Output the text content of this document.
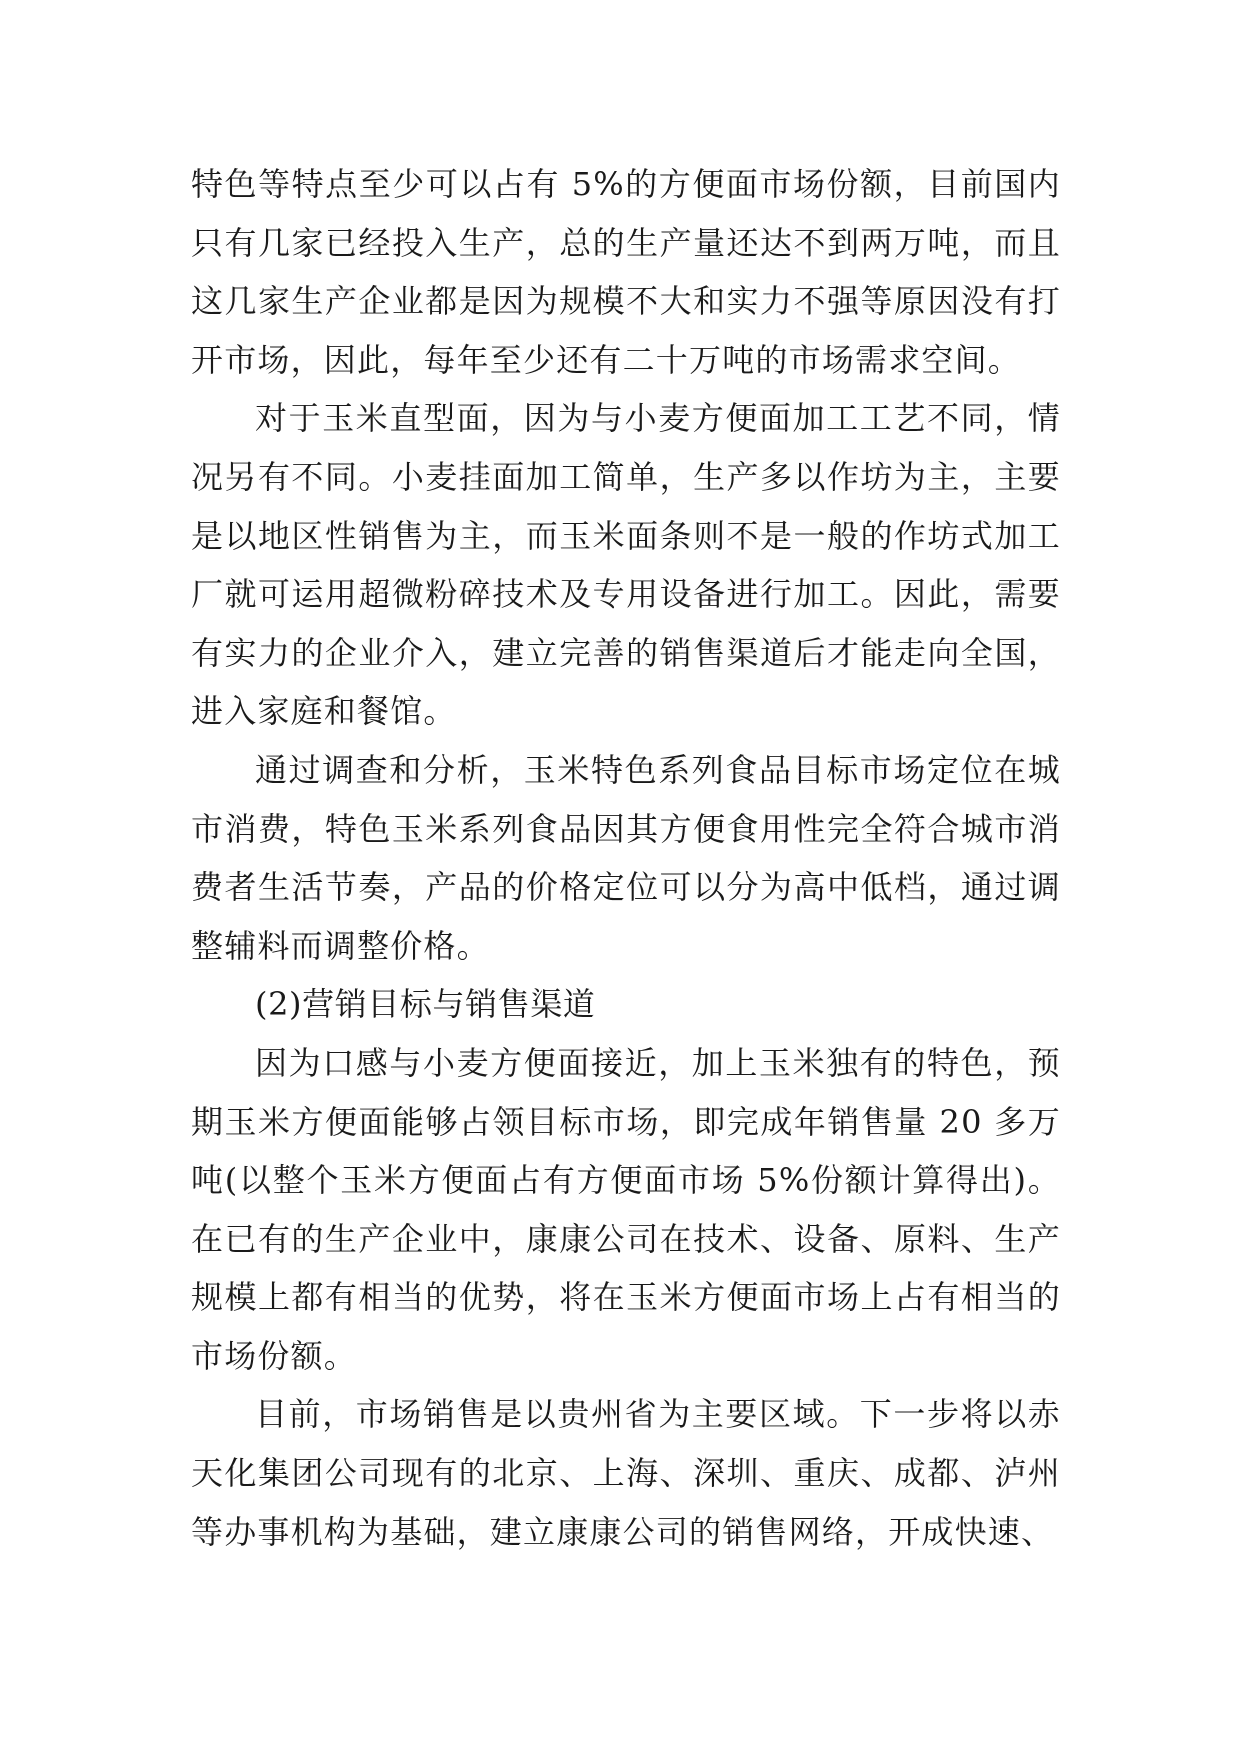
特色等特点至少可以占有 5%的方便面市场份额，目前国内只有几家已经投入生产，总的生产量还达不到两万吨，而且这几家生产企业都是因为规模不大和实力不强等原因没有打开市场，因此，每年至少还有二十万吨的市场需求空间。

对于玉米直型面，因为与小麦方便面加工工艺不同，情况另有不同。小麦挂面加工简单，生产多以作坊为主，主要是以地区性销售为主，而玉米面条则不是一般的作坊式加工厂就可运用超微粉碎技术及专用设备进行加工。因此，需要有实力的企业介入，建立完善的销售渠道后才能走向全国，进入家庭和餐馆。

通过调查和分析，玉米特色系列食品目标市场定位在城市消费，特色玉米系列食品因其方便食用性完全符合城市消费者生活节奏，产品的价格定位可以分为高中低档，通过调整辅料而调整价格。

(2)营销目标与销售渠道

因为口感与小麦方便面接近，加上玉米独有的特色，预期玉米方便面能够占领目标市场，即完成年销售量 20 多万吨(以整个玉米方便面占有方便面市场 5%份额计算得出)。在已有的生产企业中，康康公司在技术、设备、原料、生产规模上都有相当的优势，将在玉米方便面市场上占有相当的市场份额。

目前，市场销售是以贵州省为主要区域。下一步将以赤天化集团公司现有的北京、上海、深圳、重庆、成都、泸州等办事机构为基础，建立康康公司的销售网络，开成快速、
